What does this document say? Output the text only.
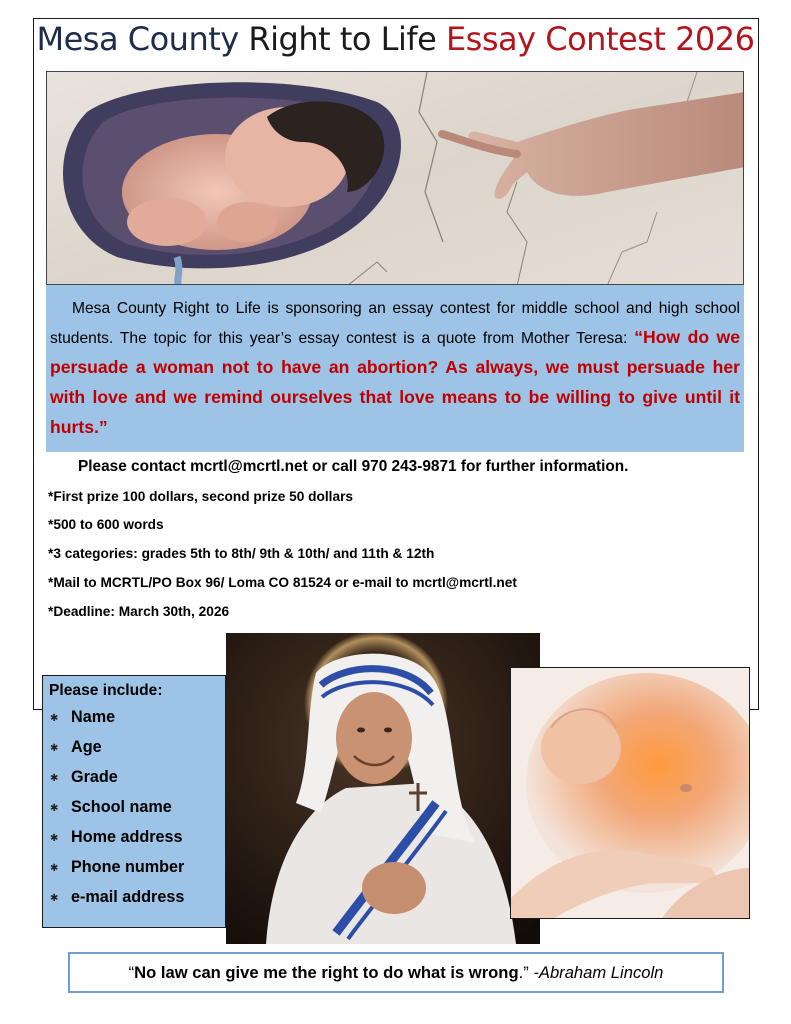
Mesa County Right to Life Essay Contest 2026
Mesa County Right to Life is sponsoring an essay contest for middle school and high school students. The topic for this year’s essay contest is a quote from Mother Teresa: “How do we persuade a woman not to have an abortion? As always, we must persuade her with love and we remind ourselves that love means to be willing to give until it hurts.”
Please contact mcrtl@mcrtl.net or call 970 243-9871 for further information.
*First prize 100 dollars, second prize 50 dollars
*500 to 600 words
*3 categories: grades 5th to 8th/ 9th & 10th/ and 11th & 12th
*Mail to MCRTL/PO Box 96/ Loma CO 81524 or e-mail to mcrtl@mcrtl.net
*Deadline: March 30th, 2026
Please include:
✱ Name
✱ Age
✱ Grade
✱ School name
✱ Home address
✱ Phone number
✱ e-mail address
“No law can give me the right to do what is wrong.” -Abraham Lincoln
